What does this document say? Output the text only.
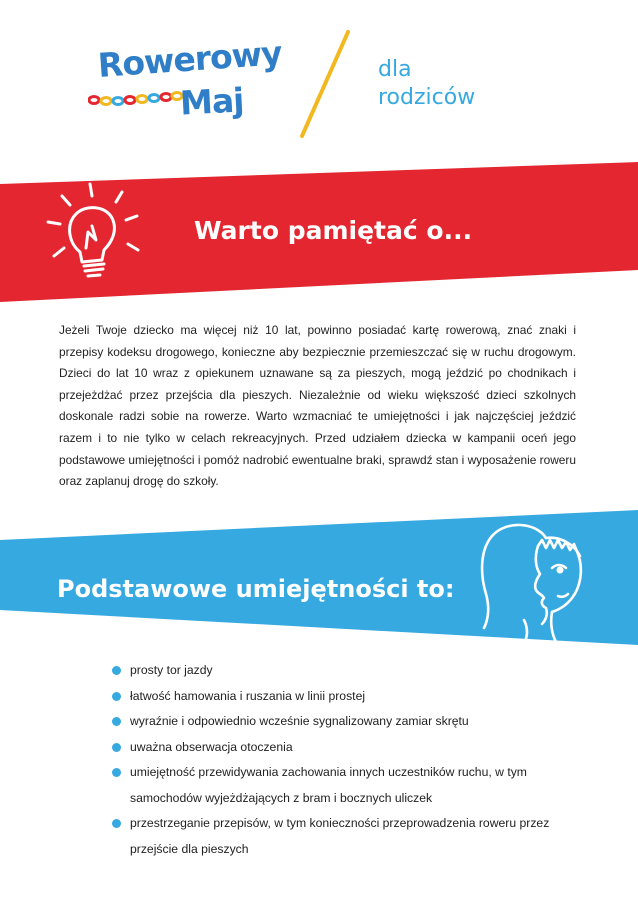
Rowerowy
Maj
dla
rodziców
Warto pamiętać o...

Jeżeli Twoje dziecko ma więcej niż 10 lat, powinno posiadać kartę rowerową, znać znaki i przepisy kodeksu drogowego, konieczne aby bezpiecznie przemieszczać się w ruchu drogowym. Dzieci do lat 10 wraz z opiekunem uznawane są za pieszych, mogą jeździć po chodnikach i przejeżdżać przez przejścia dla pieszych. Niezależnie od wieku większość dzieci szkolnych doskonale radzi sobie na rowerze. Warto wzmacniać te umiejętności i jak najczęściej jeździć razem i to nie tylko w celach rekreacyjnych. Przed udziałem dziecka w kampanii oceń jego podstawowe umiejętności i pomóż nadrobić ewentualne braki, sprawdź stan i wyposażenie roweru oraz zaplanuj drogę do szkoły.

Podstawowe umiejętności to:
prosty tor jazdy
łatwość hamowania i ruszania w linii prostej
wyraźnie i odpowiednio wcześnie sygnalizowany zamiar skrętu
uważna obserwacja otoczenia
umiejętność przewidywania zachowania innych uczestników ruchu, w tym samochodów wyjeżdżających z bram i bocznych uliczek
przestrzeganie przepisów, w tym konieczności przeprowadzenia roweru przez przejście dla pieszych
